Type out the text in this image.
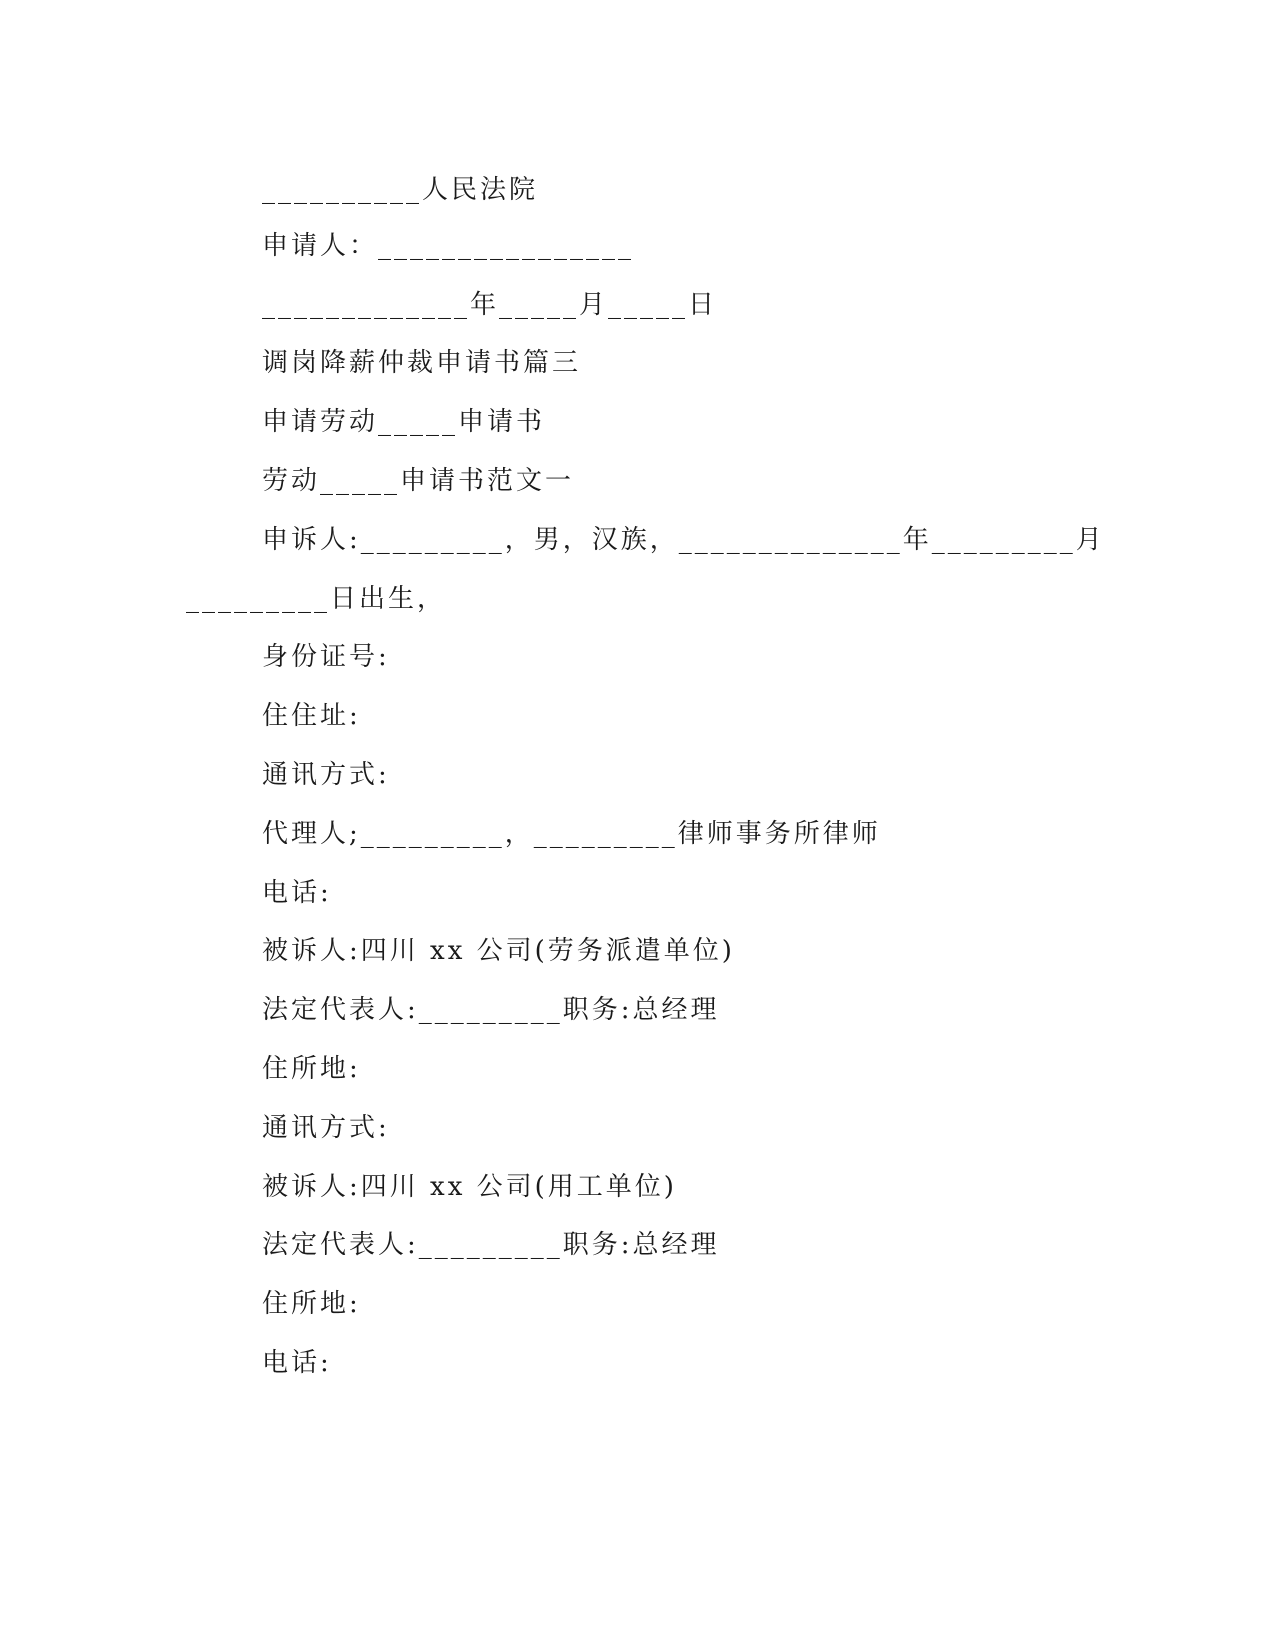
__________人民法院
申请人：________________
_____________年_____月_____日
调岗降薪仲裁申请书篇三
申请劳动_____申请书
劳动_____申请书范文一
申诉人:_________，男，汉族，______________年_________月
_________日出生，
身份证号:
住住址:
通讯方式:
代理人;_________，_________律师事务所律师
电话:
被诉人:四川 xx 公司(劳务派遣单位)
法定代表人:_________职务:总经理
住所地:
通讯方式:
被诉人:四川 xx 公司(用工单位)
法定代表人:_________职务:总经理
住所地:
电话:
